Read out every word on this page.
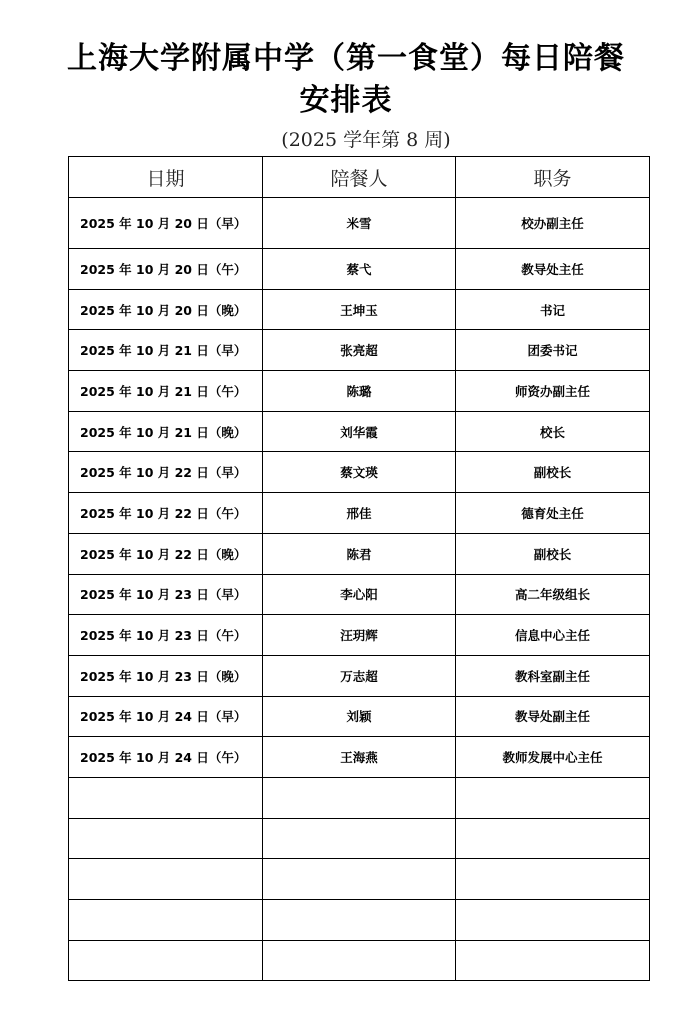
上海大学附属中学（第一食堂）每日陪餐
安排表
(2025 学年第 8 周)
日期	陪餐人	职务
2025 年 10 月 20 日（早）	米雪	校办副主任
2025 年 10 月 20 日（午）	蔡弋	教导处主任
2025 年 10 月 20 日（晚）	王坤玉	书记
2025 年 10 月 21 日（早）	张亮超	团委书记
2025 年 10 月 21 日（午）	陈璐	师资办副主任
2025 年 10 月 21 日（晚）	刘华霞	校长
2025 年 10 月 22 日（早）	蔡文瑛	副校长
2025 年 10 月 22 日（午）	邢佳	德育处主任
2025 年 10 月 22 日（晚）	陈君	副校长
2025 年 10 月 23 日（早）	李心阳	高二年级组长
2025 年 10 月 23 日（午）	汪玥辉	信息中心主任
2025 年 10 月 23 日（晚）	万志超	教科室副主任
2025 年 10 月 24 日（早）	刘颖	教导处副主任
2025 年 10 月 24 日（午）	王海燕	教师发展中心主任
